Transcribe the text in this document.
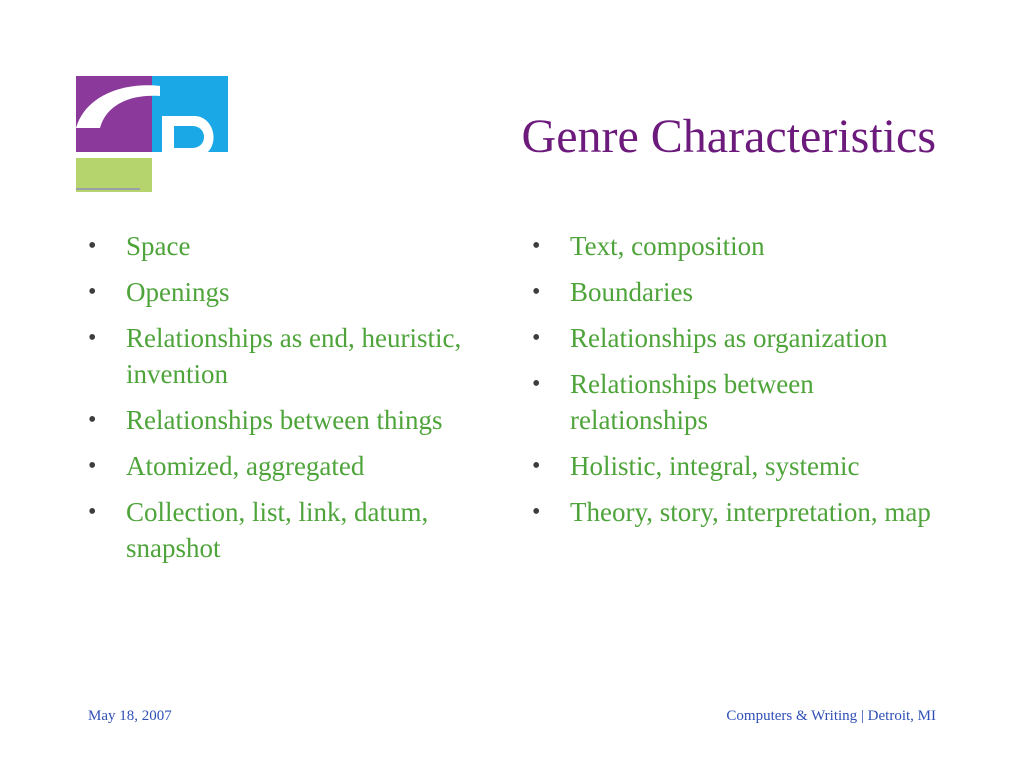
Genre Characteristics
• Space
• Openings
• Relationships as end, heuristic, invention
• Relationships between things
• Atomized, aggregated
• Collection, list, link, datum, snapshot
• Text, composition
• Boundaries
• Relationships as organization
• Relationships between relationships
• Holistic, integral, systemic
• Theory, story, interpretation, map
May 18, 2007	Computers & Writing | Detroit, MI
